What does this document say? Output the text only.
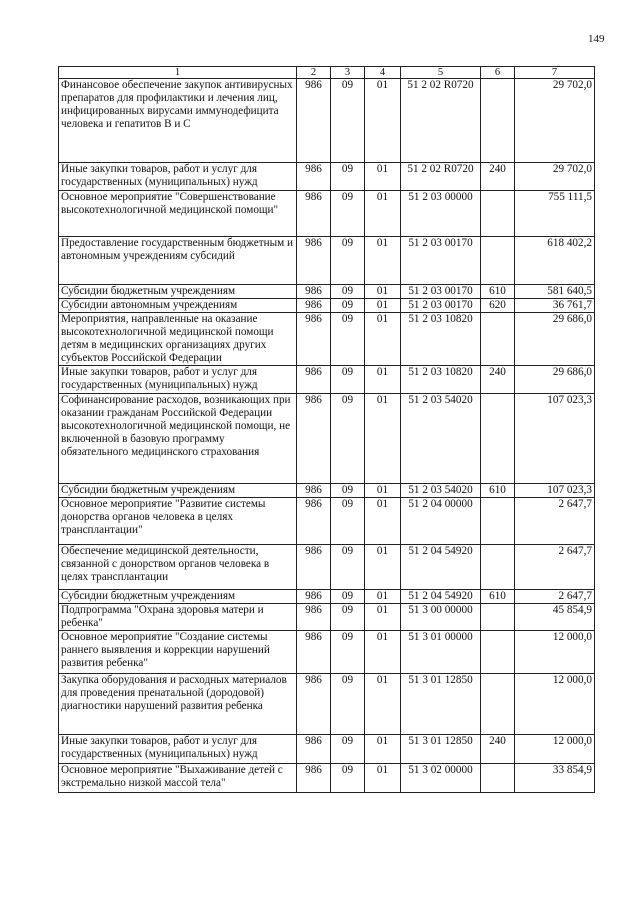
149
1	2	3	4	5	6	7
Финансовое обеспечение закупок антивирусных препаратов для профилактики и лечения лиц, инфицированных вирусами иммунодефицита человека и гепатитов В и С	986	09	01	51 2 02 R0720		29 702,0
Иные закупки товаров, работ и услуг для государственных (муниципальных) нужд	986	09	01	51 2 02 R0720	240	29 702,0
Основное мероприятие "Совершенствование высокотехнологичной медицинской помощи"	986	09	01	51 2 03 00000		755 111,5
Предоставление государственным бюджетным и автономным учреждениям субсидий	986	09	01	51 2 03 00170		618 402,2
Субсидии бюджетным учреждениям	986	09	01	51 2 03 00170	610	581 640,5
Субсидии автономным учреждениям	986	09	01	51 2 03 00170	620	36 761,7
Мероприятия, направленные на оказание высокотехнологичной медицинской помощи детям в медицинских организациях других субъектов Российской Федерации	986	09	01	51 2 03 10820		29 686,0
Иные закупки товаров, работ и услуг для государственных (муниципальных) нужд	986	09	01	51 2 03 10820	240	29 686,0
Софинансирование расходов, возникающих при оказании гражданам Российской Федерации высокотехнологичной медицинской помощи, не включенной в базовую программу обязательного медицинского страхования	986	09	01	51 2 03 54020		107 023,3
Субсидии бюджетным учреждениям	986	09	01	51 2 03 54020	610	107 023,3
Основное мероприятие "Развитие системы донорства органов человека в целях трансплантации"	986	09	01	51 2 04 00000		2 647,7
Обеспечение медицинской деятельности, связанной с донорством органов человека в целях трансплантации	986	09	01	51 2 04 54920		2 647,7
Субсидии бюджетным учреждениям	986	09	01	51 2 04 54920	610	2 647,7
Подпрограмма "Охрана здоровья матери и ребенка"	986	09	01	51 3 00 00000		45 854,9
Основное мероприятие "Создание системы раннего выявления и коррекции нарушений развития ребенка"	986	09	01	51 3 01 00000		12 000,0
Закупка оборудования и расходных материалов для проведения пренатальной (дородовой) диагностики нарушений развития ребенка	986	09	01	51 3 01 12850		12 000,0
Иные закупки товаров, работ и услуг для государственных (муниципальных) нужд	986	09	01	51 3 01 12850	240	12 000,0
Основное мероприятие "Выхаживание детей с экстремально низкой массой тела"	986	09	01	51 3 02 00000		33 854,9
